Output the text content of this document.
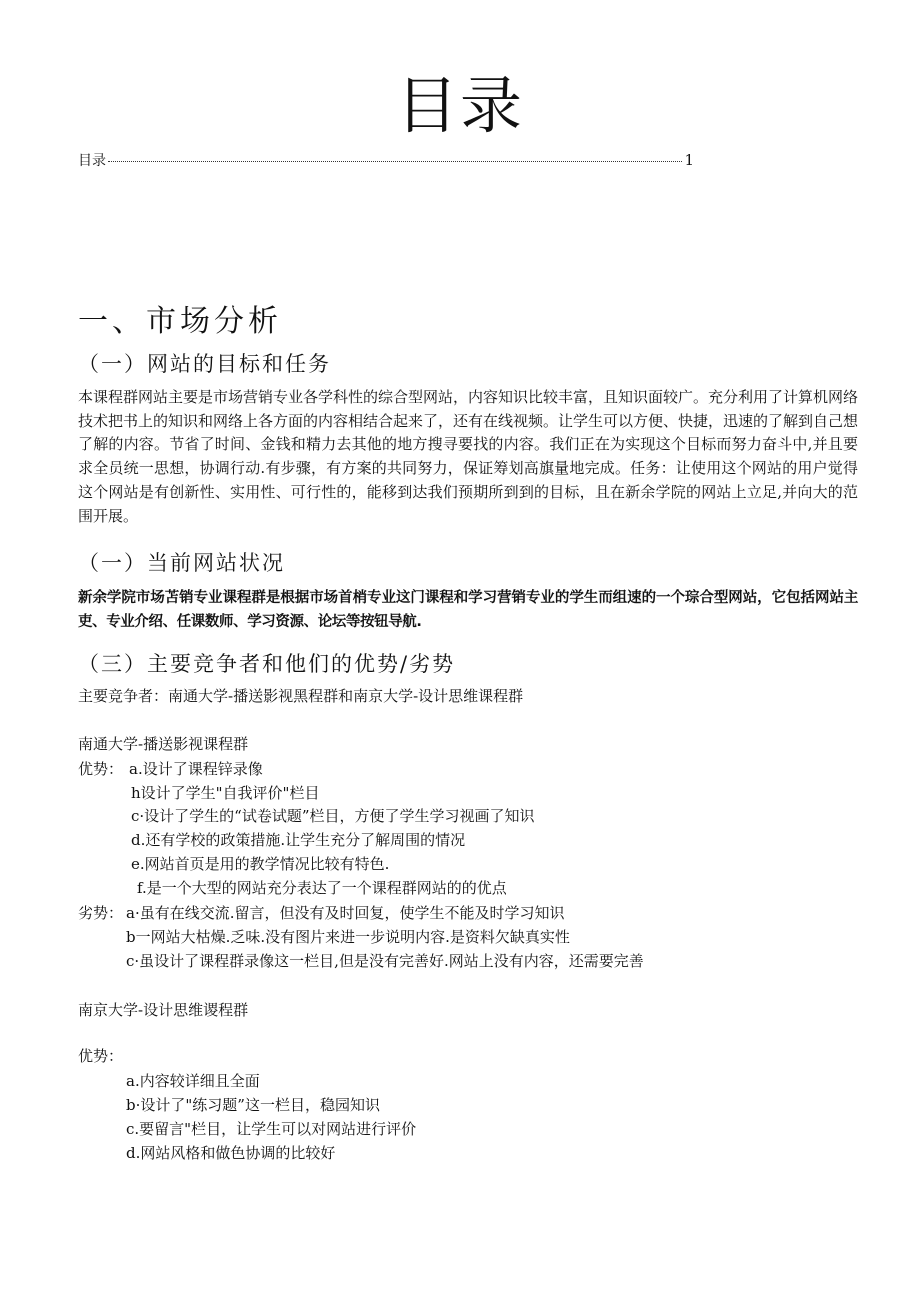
目录
目录	1
一、市场分析
（一）网站的目标和任务
本课程群网站主要是市场营销专业各学科性的综合型网站，内容知识比较丰富，且知识面较广。充分利用了计算机网络技术把书上的知识和网络上各方面的内容相结合起来了，还有在线视频。让学生可以方便、快捷，迅速的了解到自己想了解的内容。节省了时间、金钱和精力去其他的地方搜寻要找的内容。我们正在为实现这个目标而努力奋斗中,并且要求全员统一思想，协调行动.有步骤，有方案的共同努力，保证筹划高旗量地完成。任务：让使用这个网站的用户觉得这个网站是有创新性、实用性、可行性的，能移到达我们预期所到到的目标，且在新余学院的网站上立足,并向大的范围开展。
（一）当前网站状况
新余学院市场苫销专业课程群是根据市场首梢专业这门课程和学习营销专业的学生而组速的一个琮合型网站，它包括网站主吏、专业介绍、任课数师、学习资源、论坛等按钮导航.
（三）主要竞争者和他们的优势/劣势
主要竞争者：南通大学-播送影视黑程群和南京大学-设计思维课程群
南通大学-播送影视课程群
优势： a.设计了课程锌录像
h设计了学生"自我评价"栏目
c·设计了学生的“试卷试题”栏目，方便了学生学习视画了知识
d.还有学校的政策措施.让学生充分了解周围的情况
e.网站首页是用的教学情况比较有特色.
f.是一个大型的网站充分表达了一个课程群网站的的优点
劣势： a·虽有在线交流.留言，但没有及时回复，使学生不能及时学习知识
b一网站大枯燥.乏味.没有图片来进一步说明内容.是资料欠缺真实性
c·虽设计了课程群录像这一栏目,但是没有完善好.网站上没有内容，还需要完善
南京大学-设计思维谡程群
优势：
a.内容较详细且全面
b·设计了"练习题”这一栏目，稳园知识
c.要留言"栏目，让学生可以对网站进行评价
d.网站风格和做色协调的比较好
